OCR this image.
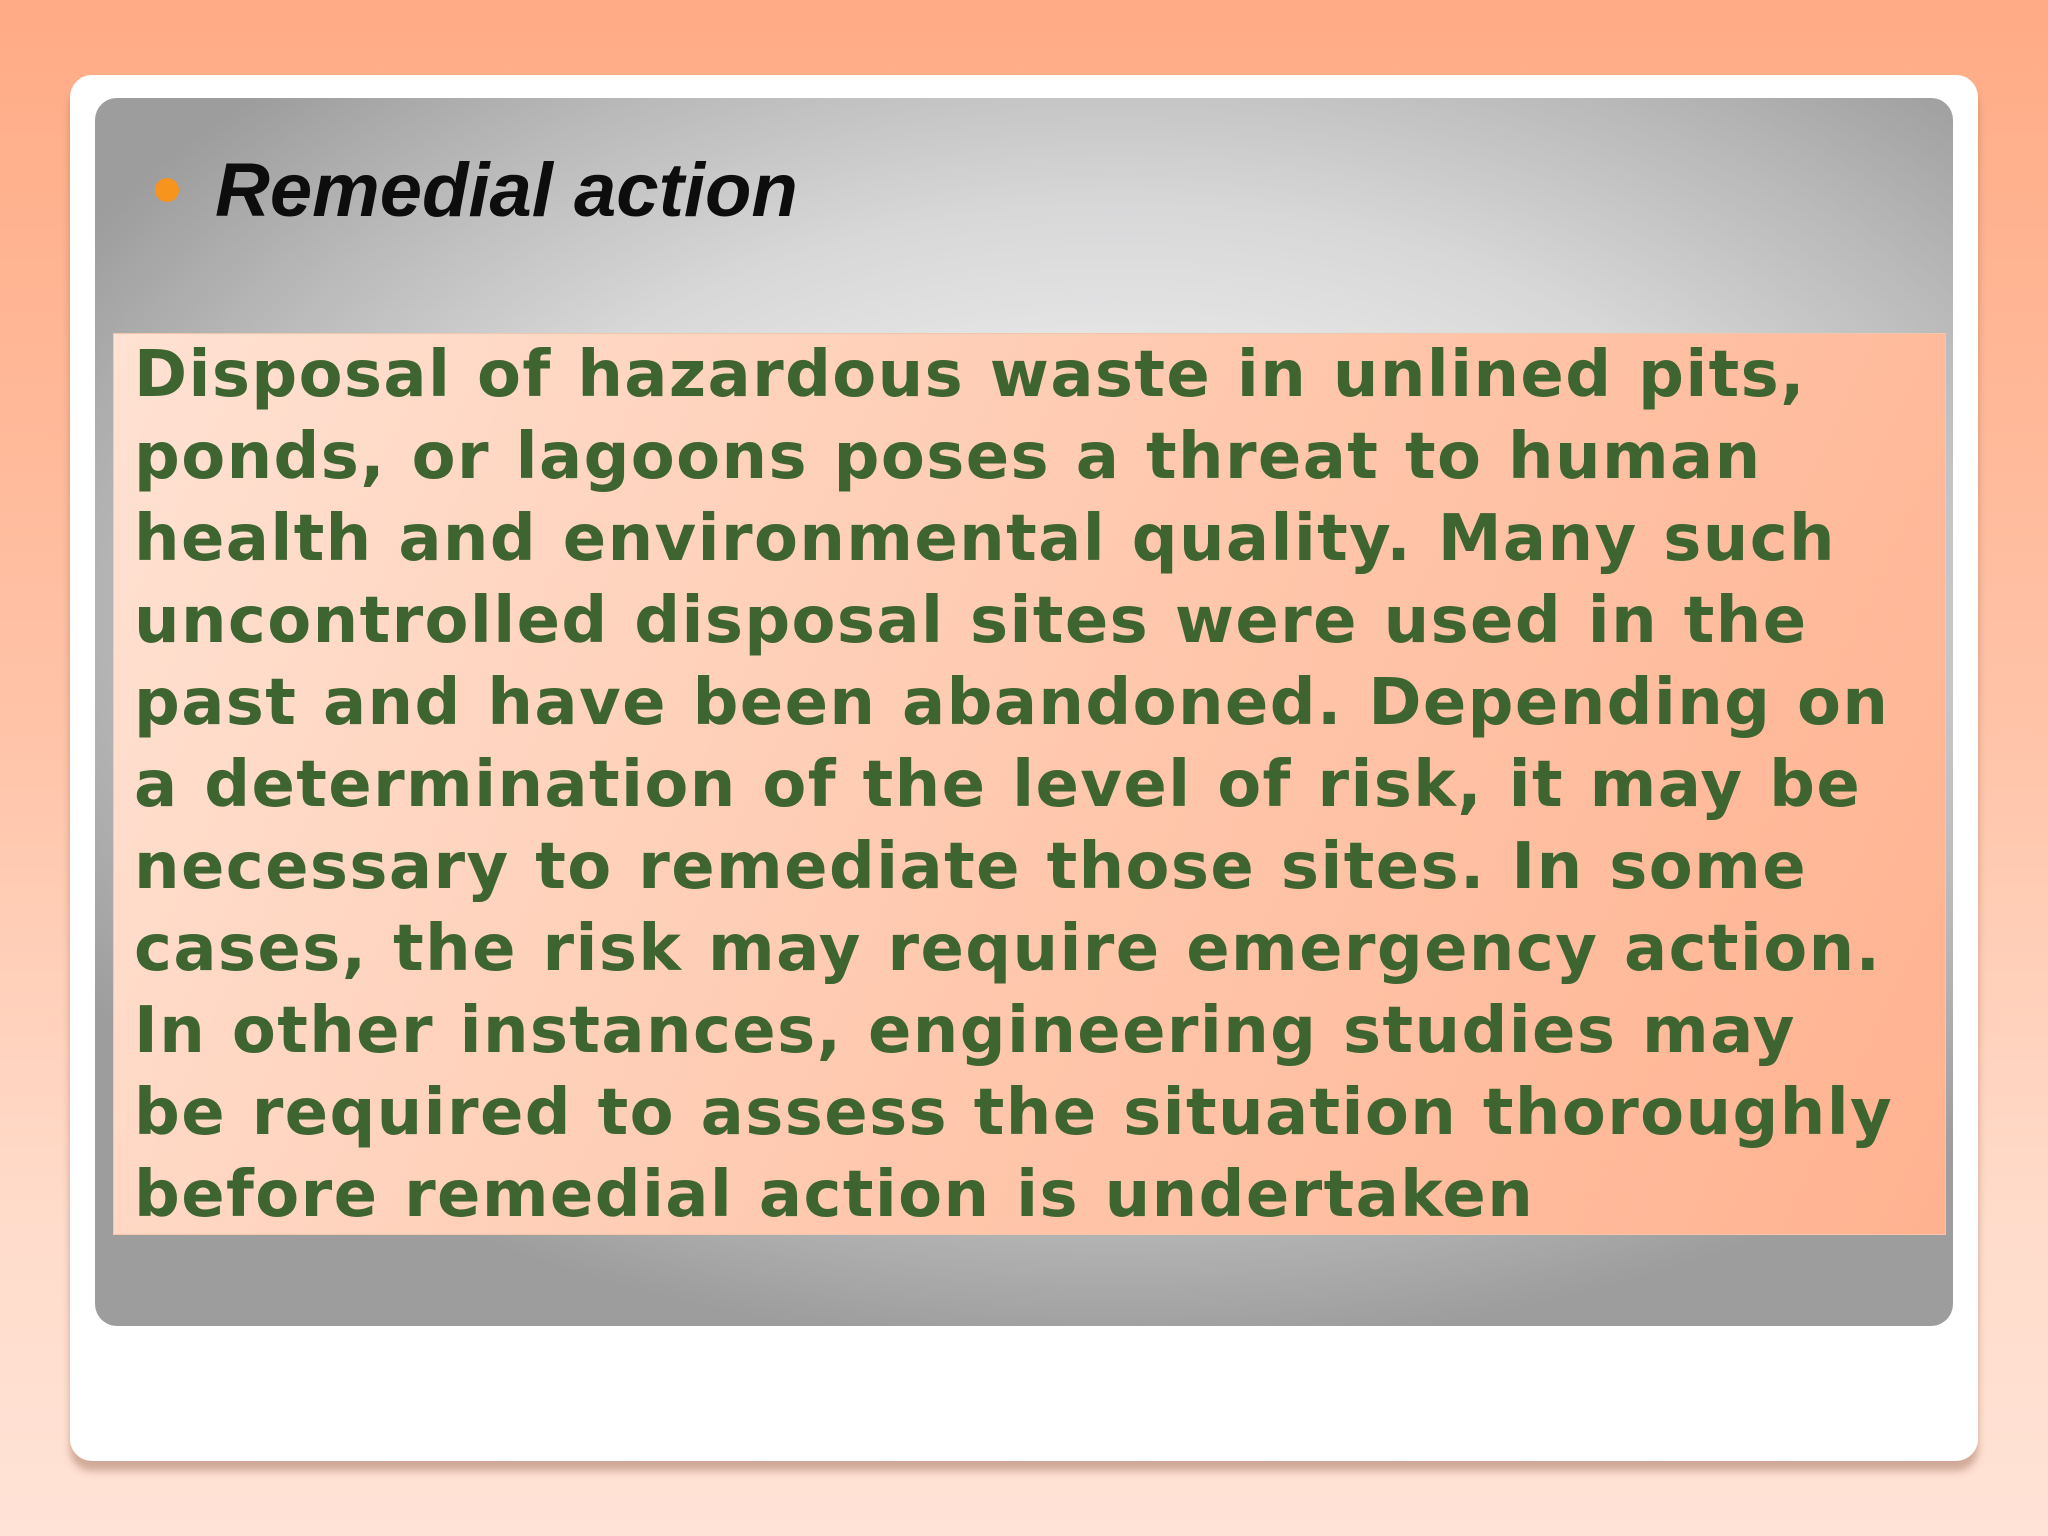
Remedial action

Disposal of hazardous waste in unlined pits,
ponds, or lagoons poses a threat to human
health and environmental quality. Many such
uncontrolled disposal sites were used in the
past and have been abandoned. Depending on
a determination of the level of risk, it may be
necessary to remediate those sites. In some
cases, the risk may require emergency action.
In other instances, engineering studies may
be required to assess the situation thoroughly
before remedial action is undertaken
